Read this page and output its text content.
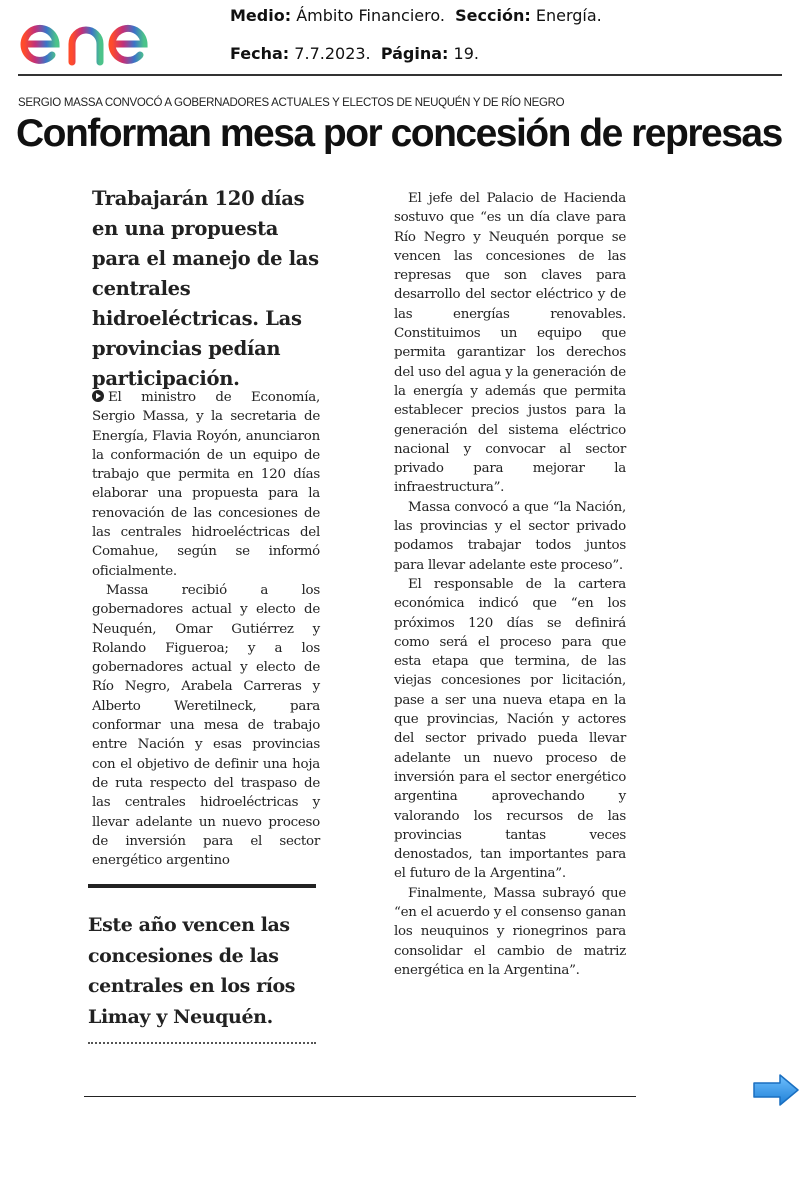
Medio: Ámbito Financiero. Sección: Energía.
Fecha: 7.7.2023. Página: 19.
SERGIO MASSA CONVOCÓ A GOBERNADORES ACTUALES Y ELECTOS DE NEUQUÉN Y DE RÍO NEGRO
Conforman mesa por concesión de represas
Trabajarán 120 días en una propuesta para el manejo de las centrales hidroeléctricas. Las provincias pedían participación.

El ministro de Economía, Sergio Massa, y la secretaria de Energía, Flavia Royón, anunciaron la conformación de un equipo de trabajo que permita en 120 días elaborar una propuesta para la renovación de las concesiones de las centrales hidroeléctricas del Comahue, según se informó oficialmente.

Massa recibió a los gobernadores actual y electo de Neuquén, Omar Gutiérrez y Rolando Figueroa; y a los gobernadores actual y electo de Río Negro, Arabela Carreras y Alberto Weretilneck, para conformar una mesa de trabajo entre Nación y esas provincias con el objetivo de definir una hoja de ruta respecto del traspaso de las centrales hidroeléctricas y llevar adelante un nuevo proceso de inversión para el sector energético argentino

Este año vencen las concesiones de las centrales en los ríos Limay y Neuquén.

El jefe del Palacio de Hacienda sostuvo que “es un día clave para Río Negro y Neuquén porque se vencen las concesiones de las represas que son claves para desarrollo del sector eléctrico y de las energías renovables. Constituimos un equipo que permita garantizar los derechos del uso del agua y la generación de la energía y además que permita establecer precios justos para la generación del sistema eléctrico nacional y convocar al sector privado para mejorar la infraestructura”.

Massa convocó a que “la Nación, las provincias y el sector privado podamos trabajar todos juntos para llevar adelante este proceso”.

El responsable de la cartera económica indicó que “en los próximos 120 días se definirá como será el proceso para que esta etapa que termina, de las viejas concesiones por licitación, pase a ser una nueva etapa en la que provincias, Nación y actores del sector privado pueda llevar adelante un nuevo proceso de inversión para el sector energético argentina aprovechando y valorando los recursos de las provincias tantas veces denostados, tan importantes para el futuro de la Argentina”.

Finalmente, Massa subrayó que “en el acuerdo y el consenso ganan los neuquinos y rionegrinos para consolidar el cambio de matriz energética en la Argentina”.
